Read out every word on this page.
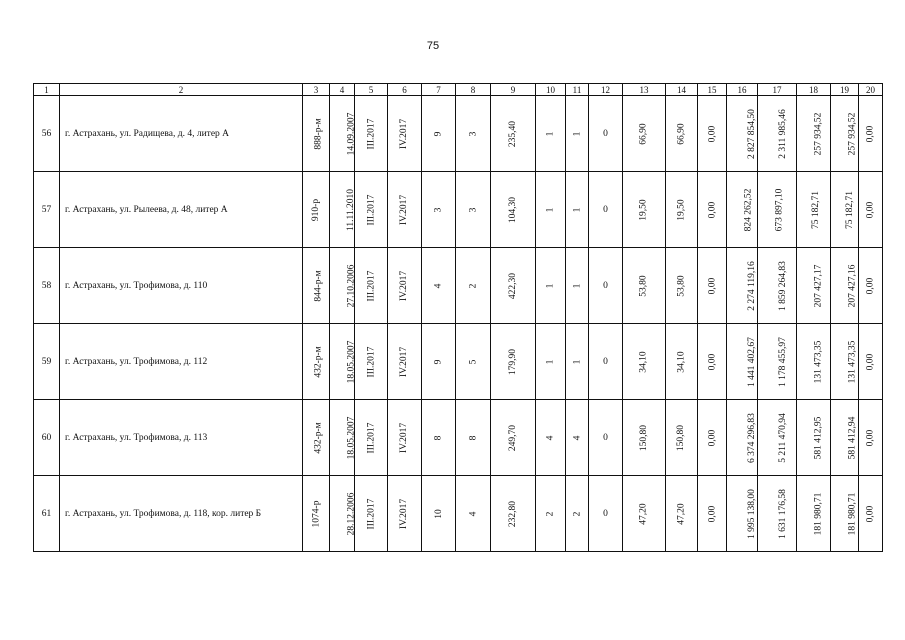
75
1	2	3	4	5	6	7	8	9	10	11	12	13	14	15	16	17	18	19	20
56	г. Астрахань, ул. Радищева, д. 4, литер А	888-р-м	14.09.2007	III.2017	IV.2017	9	3	235,40	1	1	0	66,90	66,90	0,00	2 827 854,50	2 311 985,46	257 934,52	257 934,52	0,00
57	г. Астрахань, ул. Рылеева, д. 48, литер А	910-р	11.11.2010	III.2017	IV.2017	3	3	104,30	1	1	0	19,50	19,50	0,00	824 262,52	673 897,10	75 182,71	75 182,71	0,00
58	г. Астрахань, ул. Трофимова, д. 110	844-р-м	27.10.2006	III.2017	IV.2017	4	2	422,30	1	1	0	53,80	53,80	0,00	2 274 119,16	1 859 264,83	207 427,17	207 427,16	0,00
59	г. Астрахань, ул. Трофимова, д. 112	432-р-м	18.05.2007	III.2017	IV.2017	9	5	179,90	1	1	0	34,10	34,10	0,00	1 441 402,67	1 178 455,97	131 473,35	131 473,35	0,00
60	г. Астрахань, ул. Трофимова, д. 113	432-р-м	18.05.2007	III.2017	IV.2017	8	8	249,70	4	4	0	150,80	150,80	0,00	6 374 296,83	5 211 470,94	581 412,95	581 412,94	0,00
61	г. Астрахань, ул. Трофимова, д. 118, кор. литер Б	1074-р	28.12.2006	III.2017	IV.2017	10	4	232,80	2	2	0	47,20	47,20	0,00	1 995 138,00	1 631 176,58	181 980,71	181 980,71	0,00
